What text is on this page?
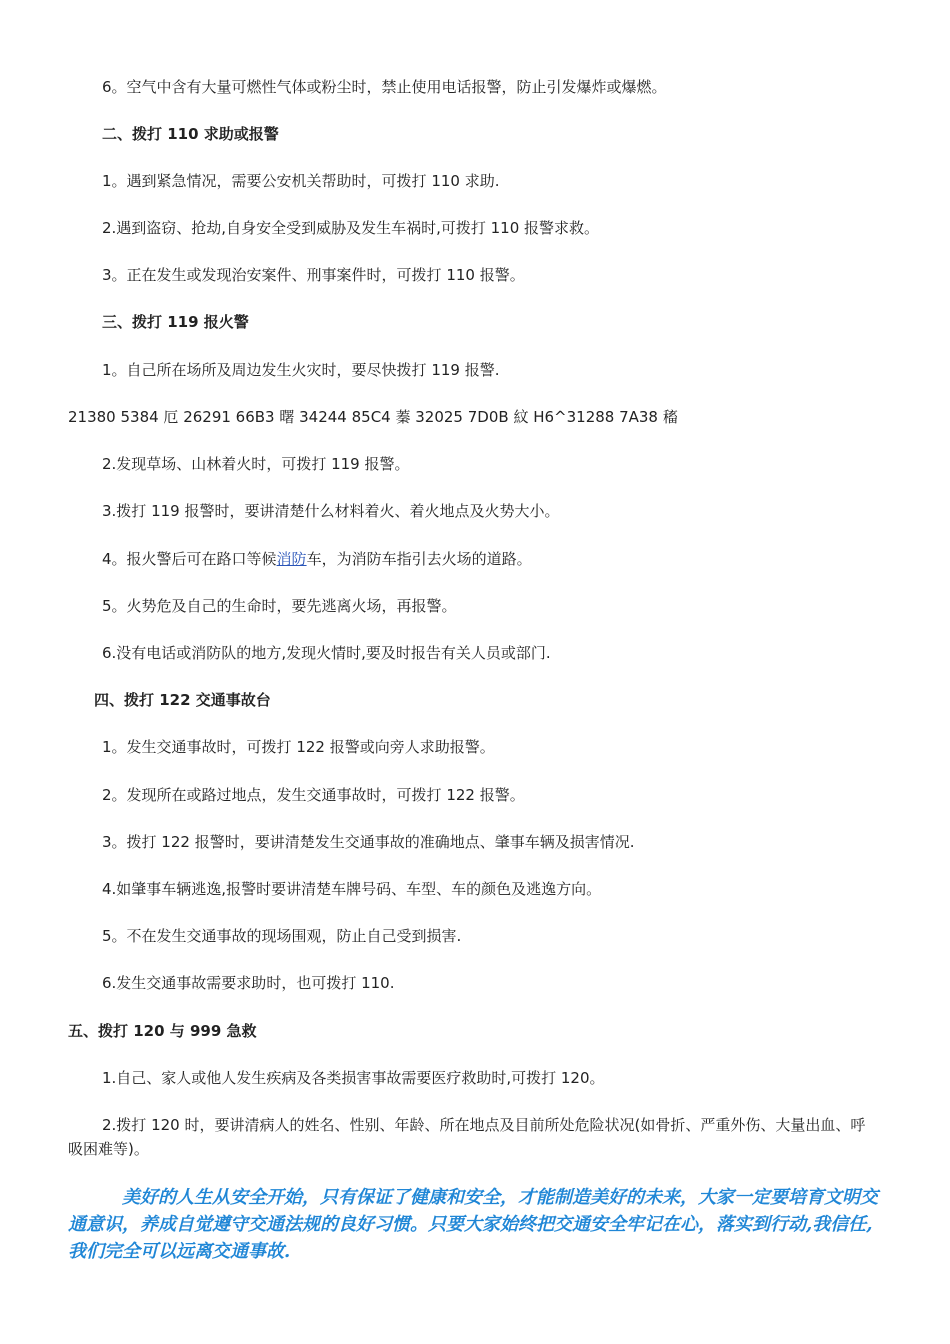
6。空气中含有大量可燃性气体或粉尘时，禁止使用电话报警，防止引发爆炸或爆燃。
二、拨打 110 求助或报警
1。遇到紧急情况，需要公安机关帮助时，可拨打 110 求助.
2.遇到盗窃、抢劫,自身安全受到威胁及发生车祸时,可拨打 110 报警求救。
3。正在发生或发现治安案件、刑事案件时，可拨打 110 报警。
三、拨打 119 报火警
1。自己所在场所及周边发生火灾时，要尽快拨打 119 报警.
21380 5384 厄 26291 66B3 曙 34244 85C4 蓁 32025 7D0B 紋 H6^31288 7A38 稸
2.发现草场、山林着火时，可拨打 119 报警。
3.拨打 119 报警时，要讲清楚什么材料着火、着火地点及火势大小。
4。报火警后可在路口等候消防车，为消防车指引去火场的道路。
5。火势危及自己的生命时，要先逃离火场，再报警。
6.没有电话或消防队的地方,发现火情时,要及时报告有关人员或部门.
四、拨打 122 交通事故台
1。发生交通事故时，可拨打 122 报警或向旁人求助报警。
2。发现所在或路过地点，发生交通事故时，可拨打 122 报警。
3。拨打 122 报警时，要讲清楚发生交通事故的准确地点、肇事车辆及损害情况.
4.如肇事车辆逃逸,报警时要讲清楚车牌号码、车型、车的颜色及逃逸方向。
5。不在发生交通事故的现场围观，防止自己受到损害.
6.发生交通事故需要求助时，也可拨打 110.
五、拨打 120 与 999 急救
1.自己、家人或他人发生疾病及各类损害事故需要医疗救助时,可拨打 120。
2.拨打 120 时，要讲清病人的姓名、性别、年龄、所在地点及目前所处危险状况(如骨折、严重外伤、大量出血、呼吸困难等)。
美好的人生从安全开始，只有保证了健康和安全，才能制造美好的未来，大家一定要培育文明交通意识，养成自觉遵守交通法规的良好习惯。只要大家始终把交通安全牢记在心，落实到行动,我信任,我们完全可以远离交通事故.
